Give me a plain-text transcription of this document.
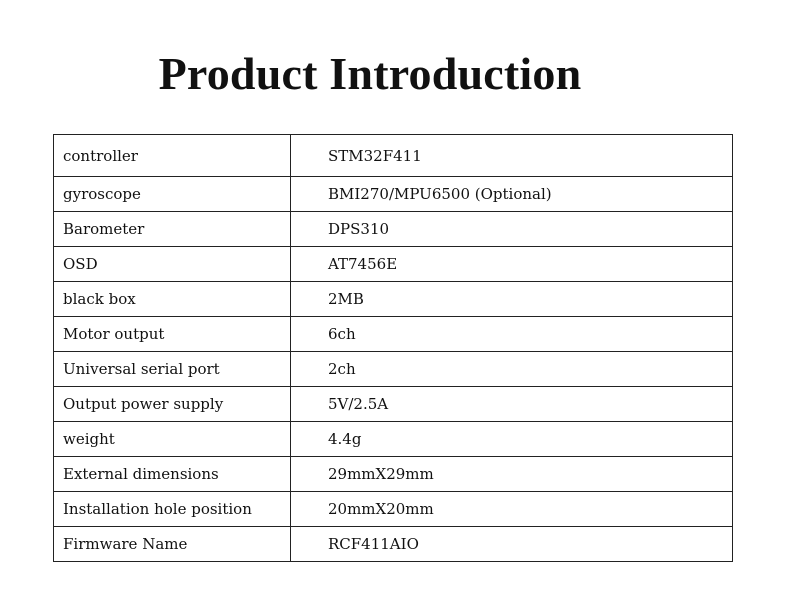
Product Introduction
controller	STM32F411
gyroscope	BMI270/MPU6500 (Optional)
Barometer	DPS310
OSD	AT7456E
black box	2MB
Motor output	6ch
Universal serial port	2ch
Output power supply	5V/2.5A
weight	4.4g
External dimensions	29mmX29mm
Installation hole position	20mmX20mm
Firmware Name	RCF411AIO
